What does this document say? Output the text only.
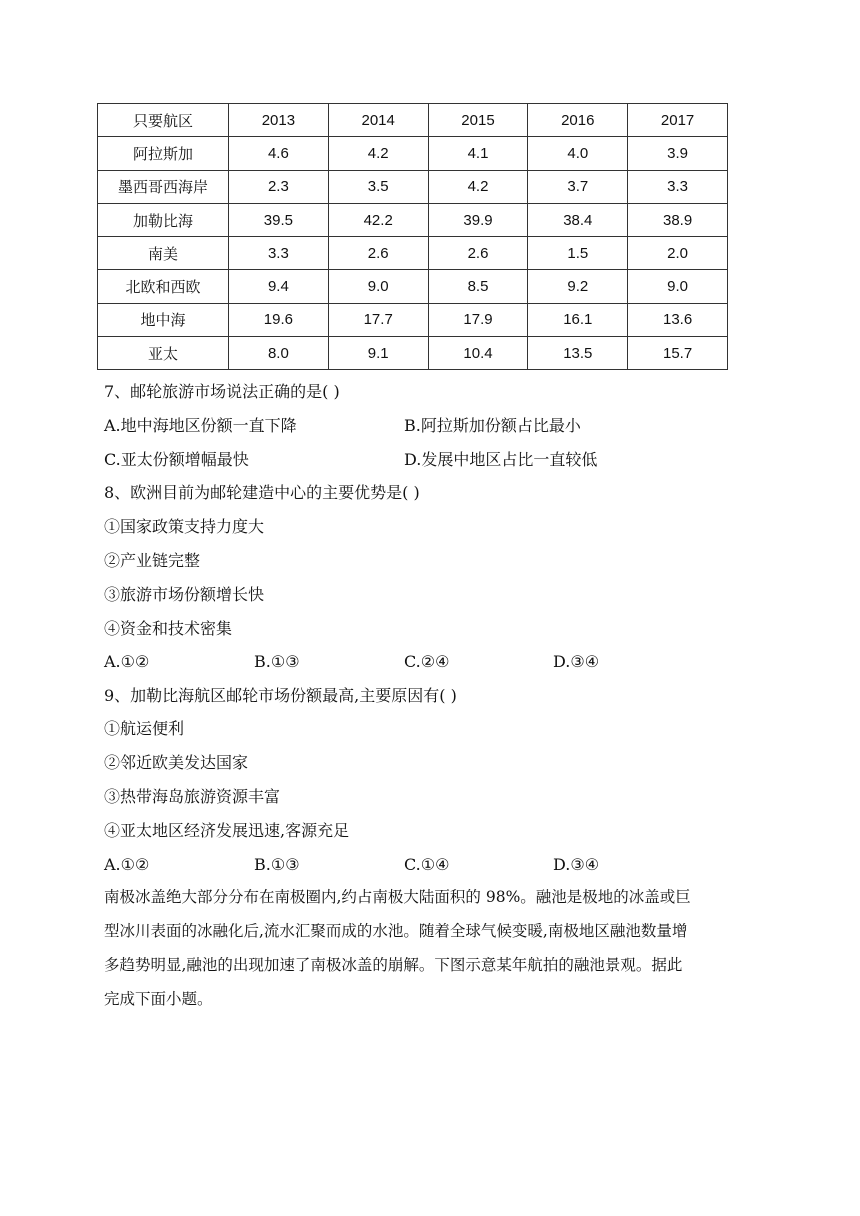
只要航区	2013	2014	2015	2016	2017
阿拉斯加	4.6	4.2	4.1	4.0	3.9
墨西哥西海岸	2.3	3.5	4.2	3.7	3.3
加勒比海	39.5	42.2	39.9	38.4	38.9
南美	3.3	2.6	2.6	1.5	2.0
北欧和西欧	9.4	9.0	8.5	9.2	9.0
地中海	19.6	17.7	17.9	16.1	13.6
亚太	8.0	9.1	10.4	13.5	15.7
7、邮轮旅游市场说法正确的是( )
A.地中海地区份额一直下降	B.阿拉斯加份额占比最小
C.亚太份额增幅最快	D.发展中地区占比一直较低
8、欧洲目前为邮轮建造中心的主要优势是( )
①国家政策支持力度大
②产业链完整
③旅游市场份额增长快
④资金和技术密集
A.①②	B.①③	C.②④	D.③④
9、加勒比海航区邮轮市场份额最高,主要原因有( )
①航运便利
②邻近欧美发达国家
③热带海岛旅游资源丰富
④亚太地区经济发展迅速,客源充足
A.①②	B.①③	C.①④	D.③④
南极冰盖绝大部分分布在南极圈内,约占南极大陆面积的 98%。融池是极地的冰盖或巨
型冰川表面的冰融化后,流水汇聚而成的水池。随着全球气候变暖,南极地区融池数量增
多趋势明显,融池的出现加速了南极冰盖的崩解。下图示意某年航拍的融池景观。据此
完成下面小题。
